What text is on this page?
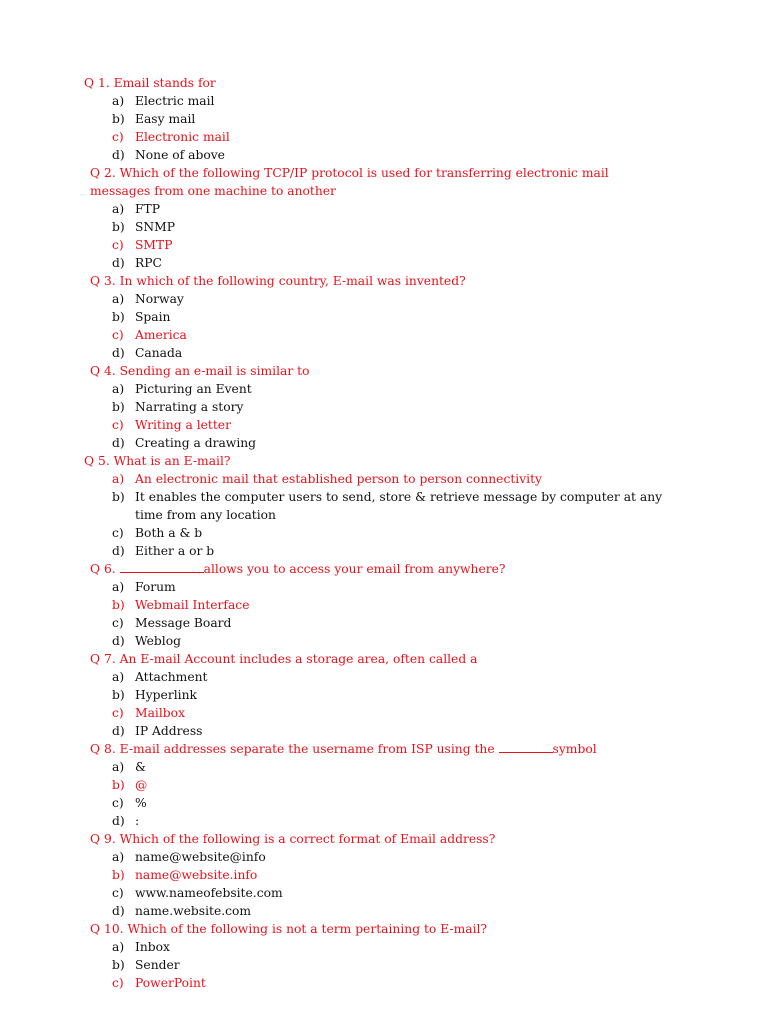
Q 1. Email stands for
a) Electric mail
b) Easy mail
c) Electronic mail
d) None of above
Q 2. Which of the following TCP/IP protocol is used for transferring electronic mail messages from one machine to another
a) FTP
b) SNMP
c) SMTP
d) RPC
Q 3. In which of the following country, E-mail was invented?
a) Norway
b) Spain
c) America
d) Canada
Q 4. Sending an e-mail is similar to
a) Picturing an Event
b) Narrating a story
c) Writing a letter
d) Creating a drawing
Q 5. What is an E-mail?
a) An electronic mail that established person to person connectivity
b) It enables the computer users to send, store & retrieve message by computer at any time from any location
c) Both a & b
d) Either a or b
Q 6.	allows you to access your email from anywhere?
a) Forum
b) Webmail Interface
c) Message Board
d) Weblog
Q 7. An E-mail Account includes a storage area, often called a
a) Attachment
b) Hyperlink
c) Mailbox
d) IP Address
Q 8. E-mail addresses separate the username from ISP using the	symbol
a) &
b) @
c) %
d) :
Q 9. Which of the following is a correct format of Email address?
a) name@website@info
b) name@website.info
c) www.nameofebsite.com
d) name.website.com
Q 10. Which of the following is not a term pertaining to E-mail?
a) Inbox
b) Sender
c) PowerPoint
